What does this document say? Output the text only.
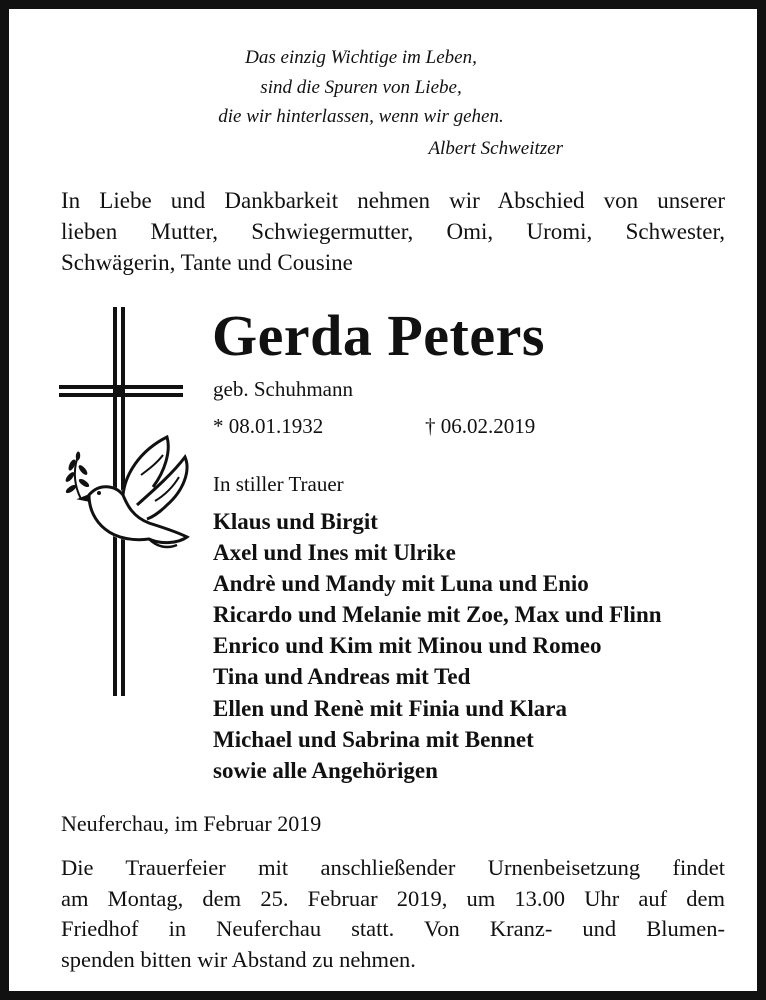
Das einzig Wichtige im Leben,
sind die Spuren von Liebe,
die wir hinterlassen, wenn wir gehen.
Albert Schweitzer
In Liebe und Dankbarkeit nehmen wir Abschied von unserer
lieben Mutter, Schwiegermutter, Omi, Uromi, Schwester,
Schwägerin, Tante und Cousine
Gerda Peters
geb. Schuhmann
* 08.01.1932	† 06.02.2019
In stiller Trauer
Klaus und Birgit
Axel und Ines mit Ulrike
Andrè und Mandy mit Luna und Enio
Ricardo und Melanie mit Zoe, Max und Flinn
Enrico und Kim mit Minou und Romeo
Tina und Andreas mit Ted
Ellen und Renè mit Finia und Klara
Michael und Sabrina mit Bennet
sowie alle Angehörigen
Neuferchau, im Februar 2019
Die Trauerfeier mit anschließender Urnenbeisetzung findet
am Montag, dem 25. Februar 2019, um 13.00 Uhr auf dem
Friedhof in Neuferchau statt. Von Kranz- und Blumen-
spenden bitten wir Abstand zu nehmen.
